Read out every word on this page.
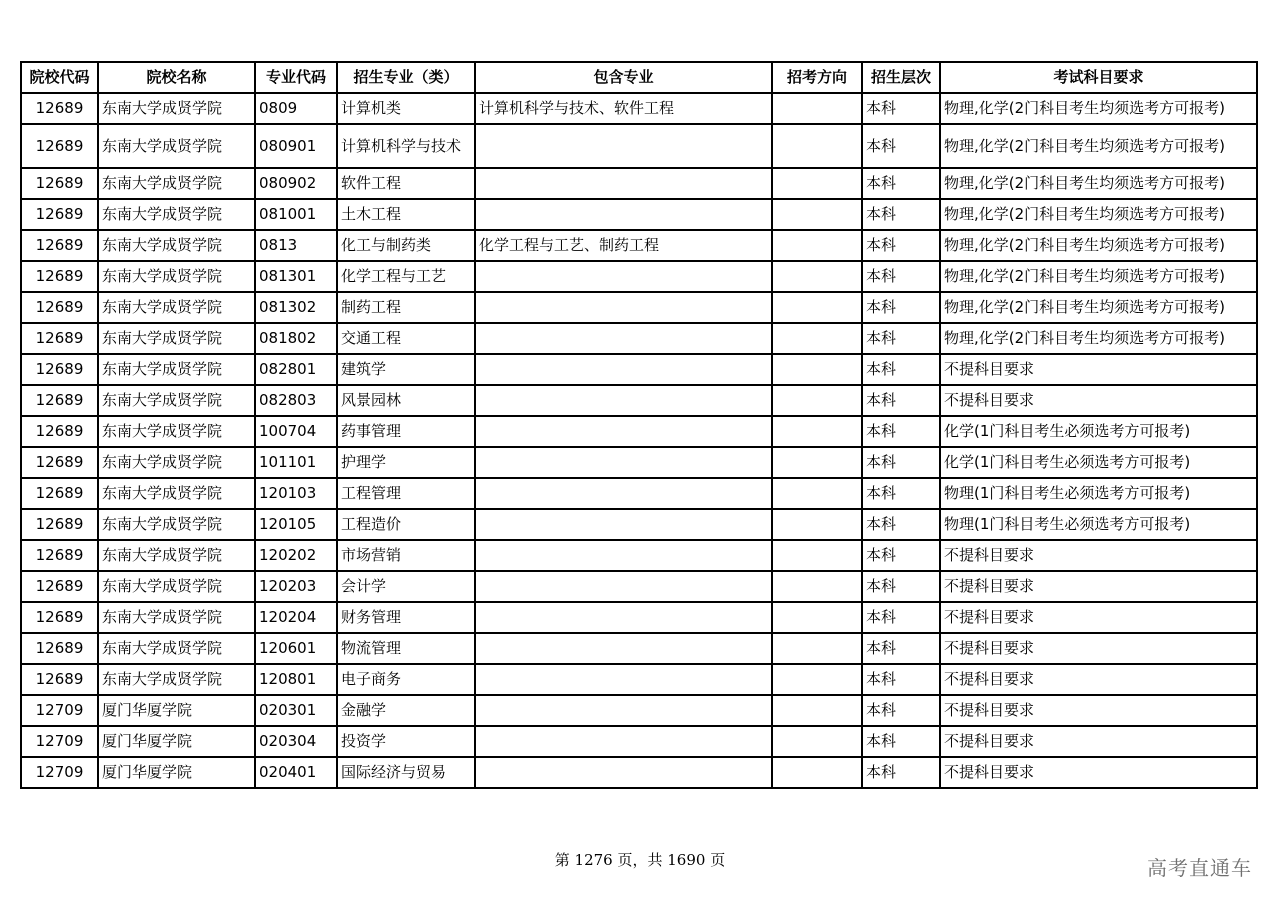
院校代码	院校名称	专业代码	招生专业（类）	包含专业	招考方向	招生层次	考试科目要求
12689	东南大学成贤学院	0809	计算机类	计算机科学与技术、软件工程		本科	物理,化学(2门科目考生均须选考方可报考)
12689	东南大学成贤学院	080901	计算机科学与技术			本科	物理,化学(2门科目考生均须选考方可报考)
12689	东南大学成贤学院	080902	软件工程			本科	物理,化学(2门科目考生均须选考方可报考)
12689	东南大学成贤学院	081001	土木工程			本科	物理,化学(2门科目考生均须选考方可报考)
12689	东南大学成贤学院	0813	化工与制药类	化学工程与工艺、制药工程		本科	物理,化学(2门科目考生均须选考方可报考)
12689	东南大学成贤学院	081301	化学工程与工艺			本科	物理,化学(2门科目考生均须选考方可报考)
12689	东南大学成贤学院	081302	制药工程			本科	物理,化学(2门科目考生均须选考方可报考)
12689	东南大学成贤学院	081802	交通工程			本科	物理,化学(2门科目考生均须选考方可报考)
12689	东南大学成贤学院	082801	建筑学			本科	不提科目要求
12689	东南大学成贤学院	082803	风景园林			本科	不提科目要求
12689	东南大学成贤学院	100704	药事管理			本科	化学(1门科目考生必须选考方可报考)
12689	东南大学成贤学院	101101	护理学			本科	化学(1门科目考生必须选考方可报考)
12689	东南大学成贤学院	120103	工程管理			本科	物理(1门科目考生必须选考方可报考)
12689	东南大学成贤学院	120105	工程造价			本科	物理(1门科目考生必须选考方可报考)
12689	东南大学成贤学院	120202	市场营销			本科	不提科目要求
12689	东南大学成贤学院	120203	会计学			本科	不提科目要求
12689	东南大学成贤学院	120204	财务管理			本科	不提科目要求
12689	东南大学成贤学院	120601	物流管理			本科	不提科目要求
12689	东南大学成贤学院	120801	电子商务			本科	不提科目要求
12709	厦门华厦学院	020301	金融学			本科	不提科目要求
12709	厦门华厦学院	020304	投资学			本科	不提科目要求
12709	厦门华厦学院	020401	国际经济与贸易			本科	不提科目要求
第 1276 页，共 1690 页	高考直通车
